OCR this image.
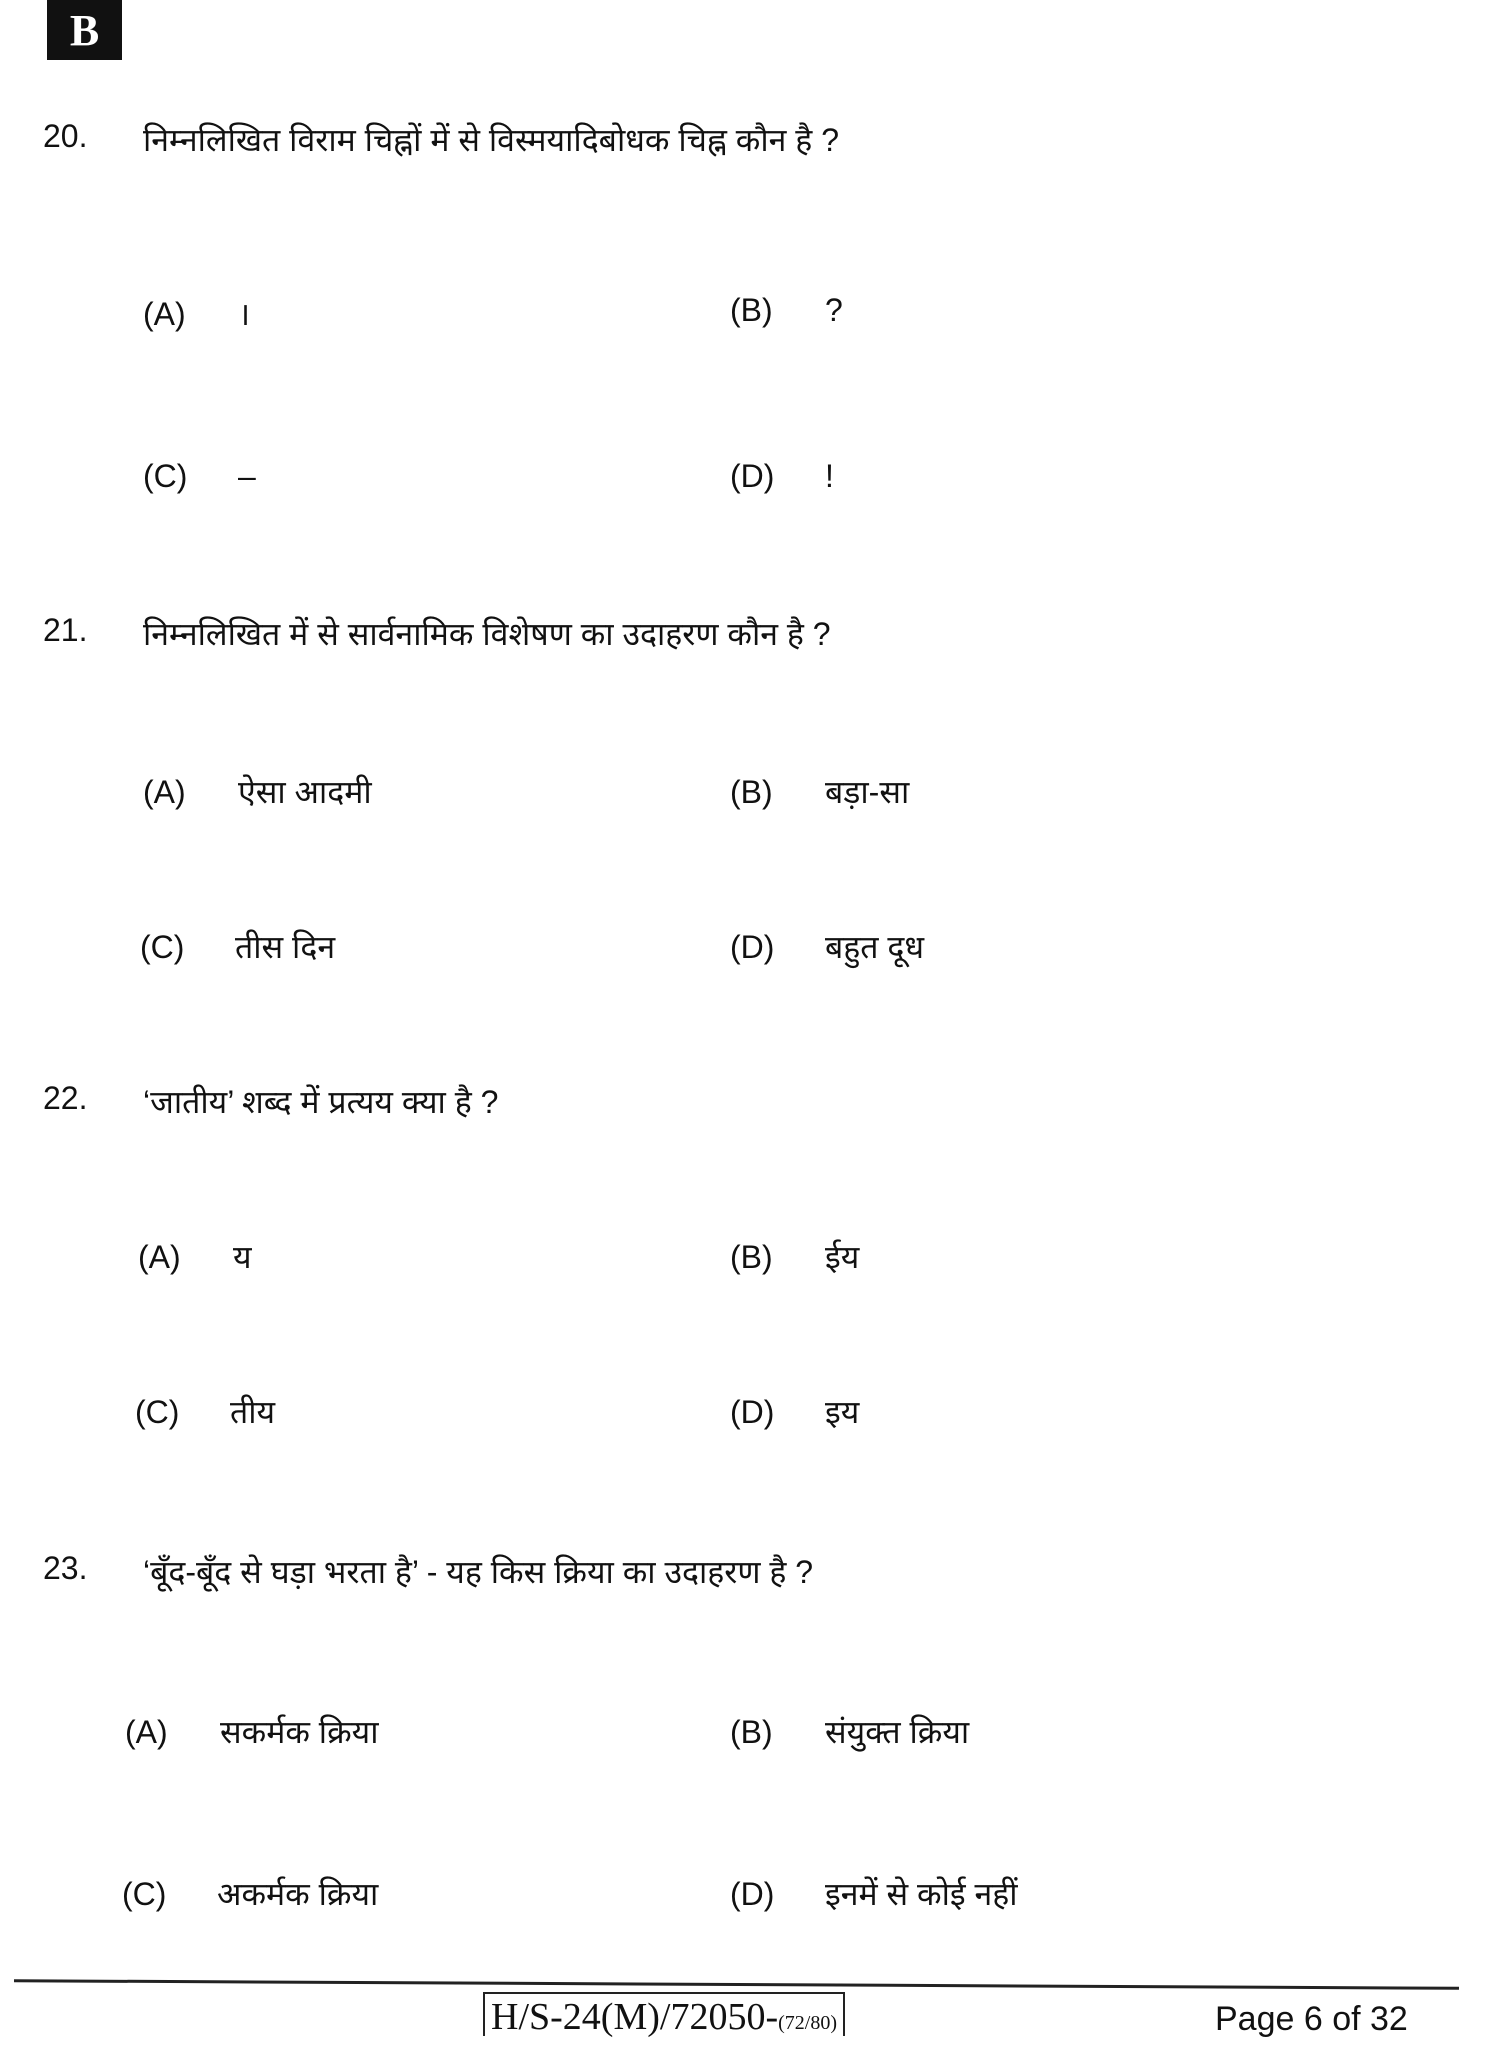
B
20. निम्नलिखित विराम चिह्नों में से विस्मयादिबोधक चिह्न कौन है ?
(A) ।	(B) ?
(C) –	(D) !
21. निम्नलिखित में से सार्वनामिक विशेषण का उदाहरण कौन है ?
(A) ऐसा आदमी	(B) बड़ा-सा
(C) तीस दिन	(D) बहुत दूध
22. ‘जातीय’ शब्द में प्रत्यय क्या है ?
(A) य	(B) ईय
(C) तीय	(D) इय
23. ‘बूँद-बूँद से घड़ा भरता है’ - यह किस क्रिया का उदाहरण है ?
(A) सकर्मक क्रिया	(B) संयुक्त क्रिया
(C) अकर्मक क्रिया	(D) इनमें से कोई नहीं
H/S-24(M)/72050-(72/80)	Page 6 of 32
